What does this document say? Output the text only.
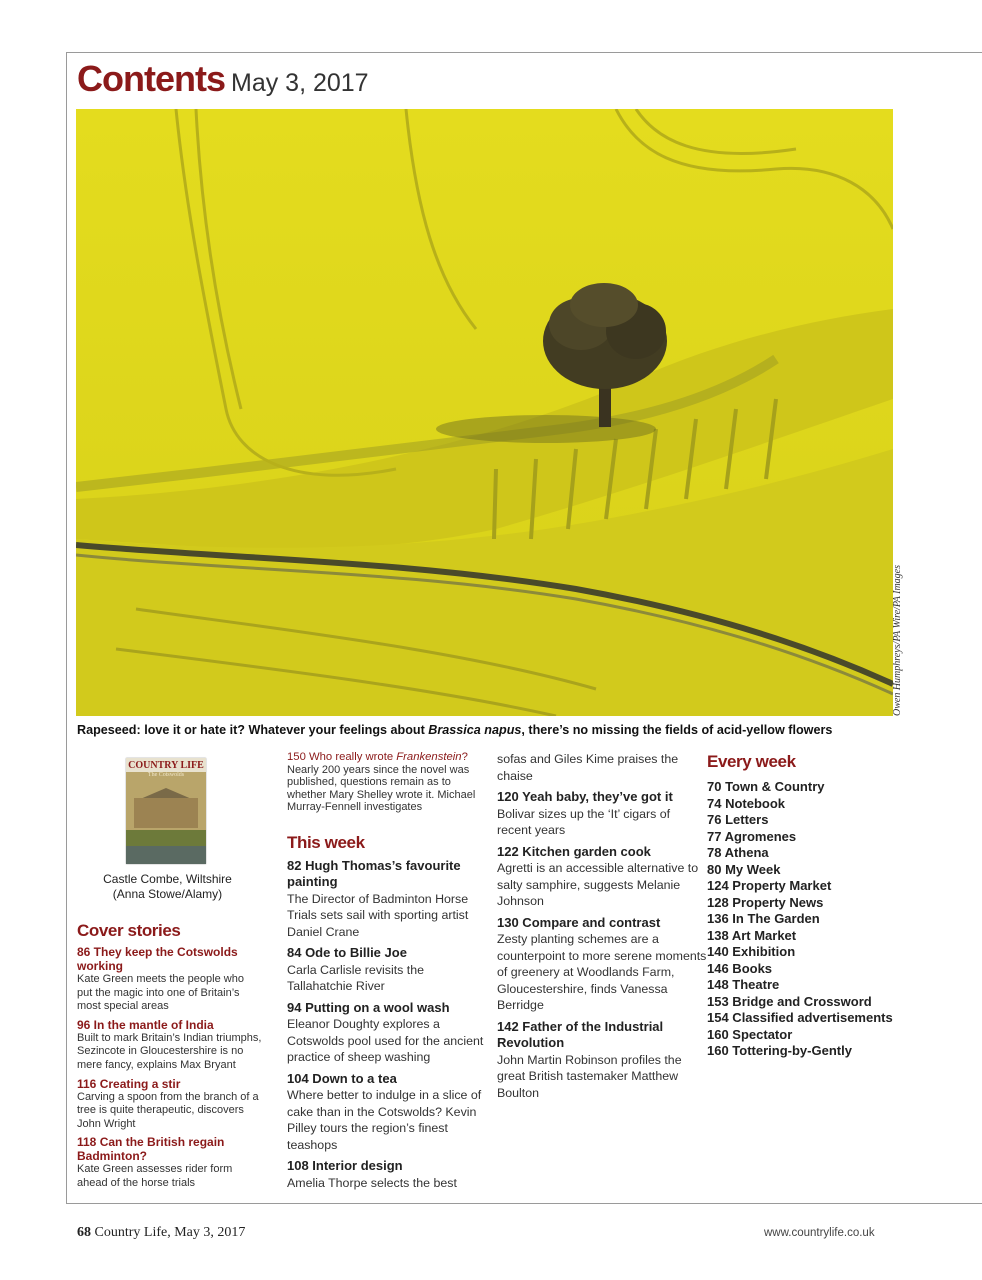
Contents May 3, 2017
Owen Humphreys/PA Wire/PA Images
Rapeseed: love it or hate it? Whatever your feelings about Brassica napus, there’s no missing the fields of acid-yellow flowers
COUNTRY LIFE
The Cotswolds
Castle Combe, Wiltshire
(Anna Stowe/Alamy)
Cover stories
86 They keep the Cotswolds working
Kate Green meets the people who put the magic into one of Britain’s most special areas
96 In the mantle of India
Built to mark Britain’s Indian triumphs, Sezincote in Gloucestershire is no mere fancy, explains Max Bryant
116 Creating a stir
Carving a spoon from the branch of a tree is quite therapeutic, discovers John Wright
118 Can the British regain Badminton?
Kate Green assesses rider form ahead of the horse trials
150 Who really wrote Frankenstein?
Nearly 200 years since the novel was published, questions remain as to whether Mary Shelley wrote it. Michael Murray-Fennell investigates
This week
82 Hugh Thomas’s favourite painting
The Director of Badminton Horse Trials sets sail with sporting artist Daniel Crane
84 Ode to Billie Joe
Carla Carlisle revisits the Tallahatchie River
94 Putting on a wool wash
Eleanor Doughty explores a Cotswolds pool used for the ancient practice of sheep washing
104 Down to a tea
Where better to indulge in a slice of cake than in the Cotswolds? Kevin Pilley tours the region’s finest teashops
108 Interior design
Amelia Thorpe selects the best
sofas and Giles Kime praises the chaise
120 Yeah baby, they’ve got it
Bolivar sizes up the ‘It’ cigars of recent years
122 Kitchen garden cook
Agretti is an accessible alternative to salty samphire, suggests Melanie Johnson
130 Compare and contrast
Zesty planting schemes are a counterpoint to more serene moments of greenery at Woodlands Farm, Gloucestershire, finds Vanessa Berridge
142 Father of the Industrial Revolution
John Martin Robinson profiles the great British tastemaker Matthew Boulton
Every week
70 Town & Country
74 Notebook
76 Letters
77 Agromenes
78 Athena
80 My Week
124 Property Market
128 Property News
136 In The Garden
138 Art Market
140 Exhibition
146 Books
148 Theatre
153 Bridge and Crossword
154 Classified advertisements
160 Spectator
160 Tottering-by-Gently
68 Country Life, May 3, 2017	www.countrylife.co.uk
